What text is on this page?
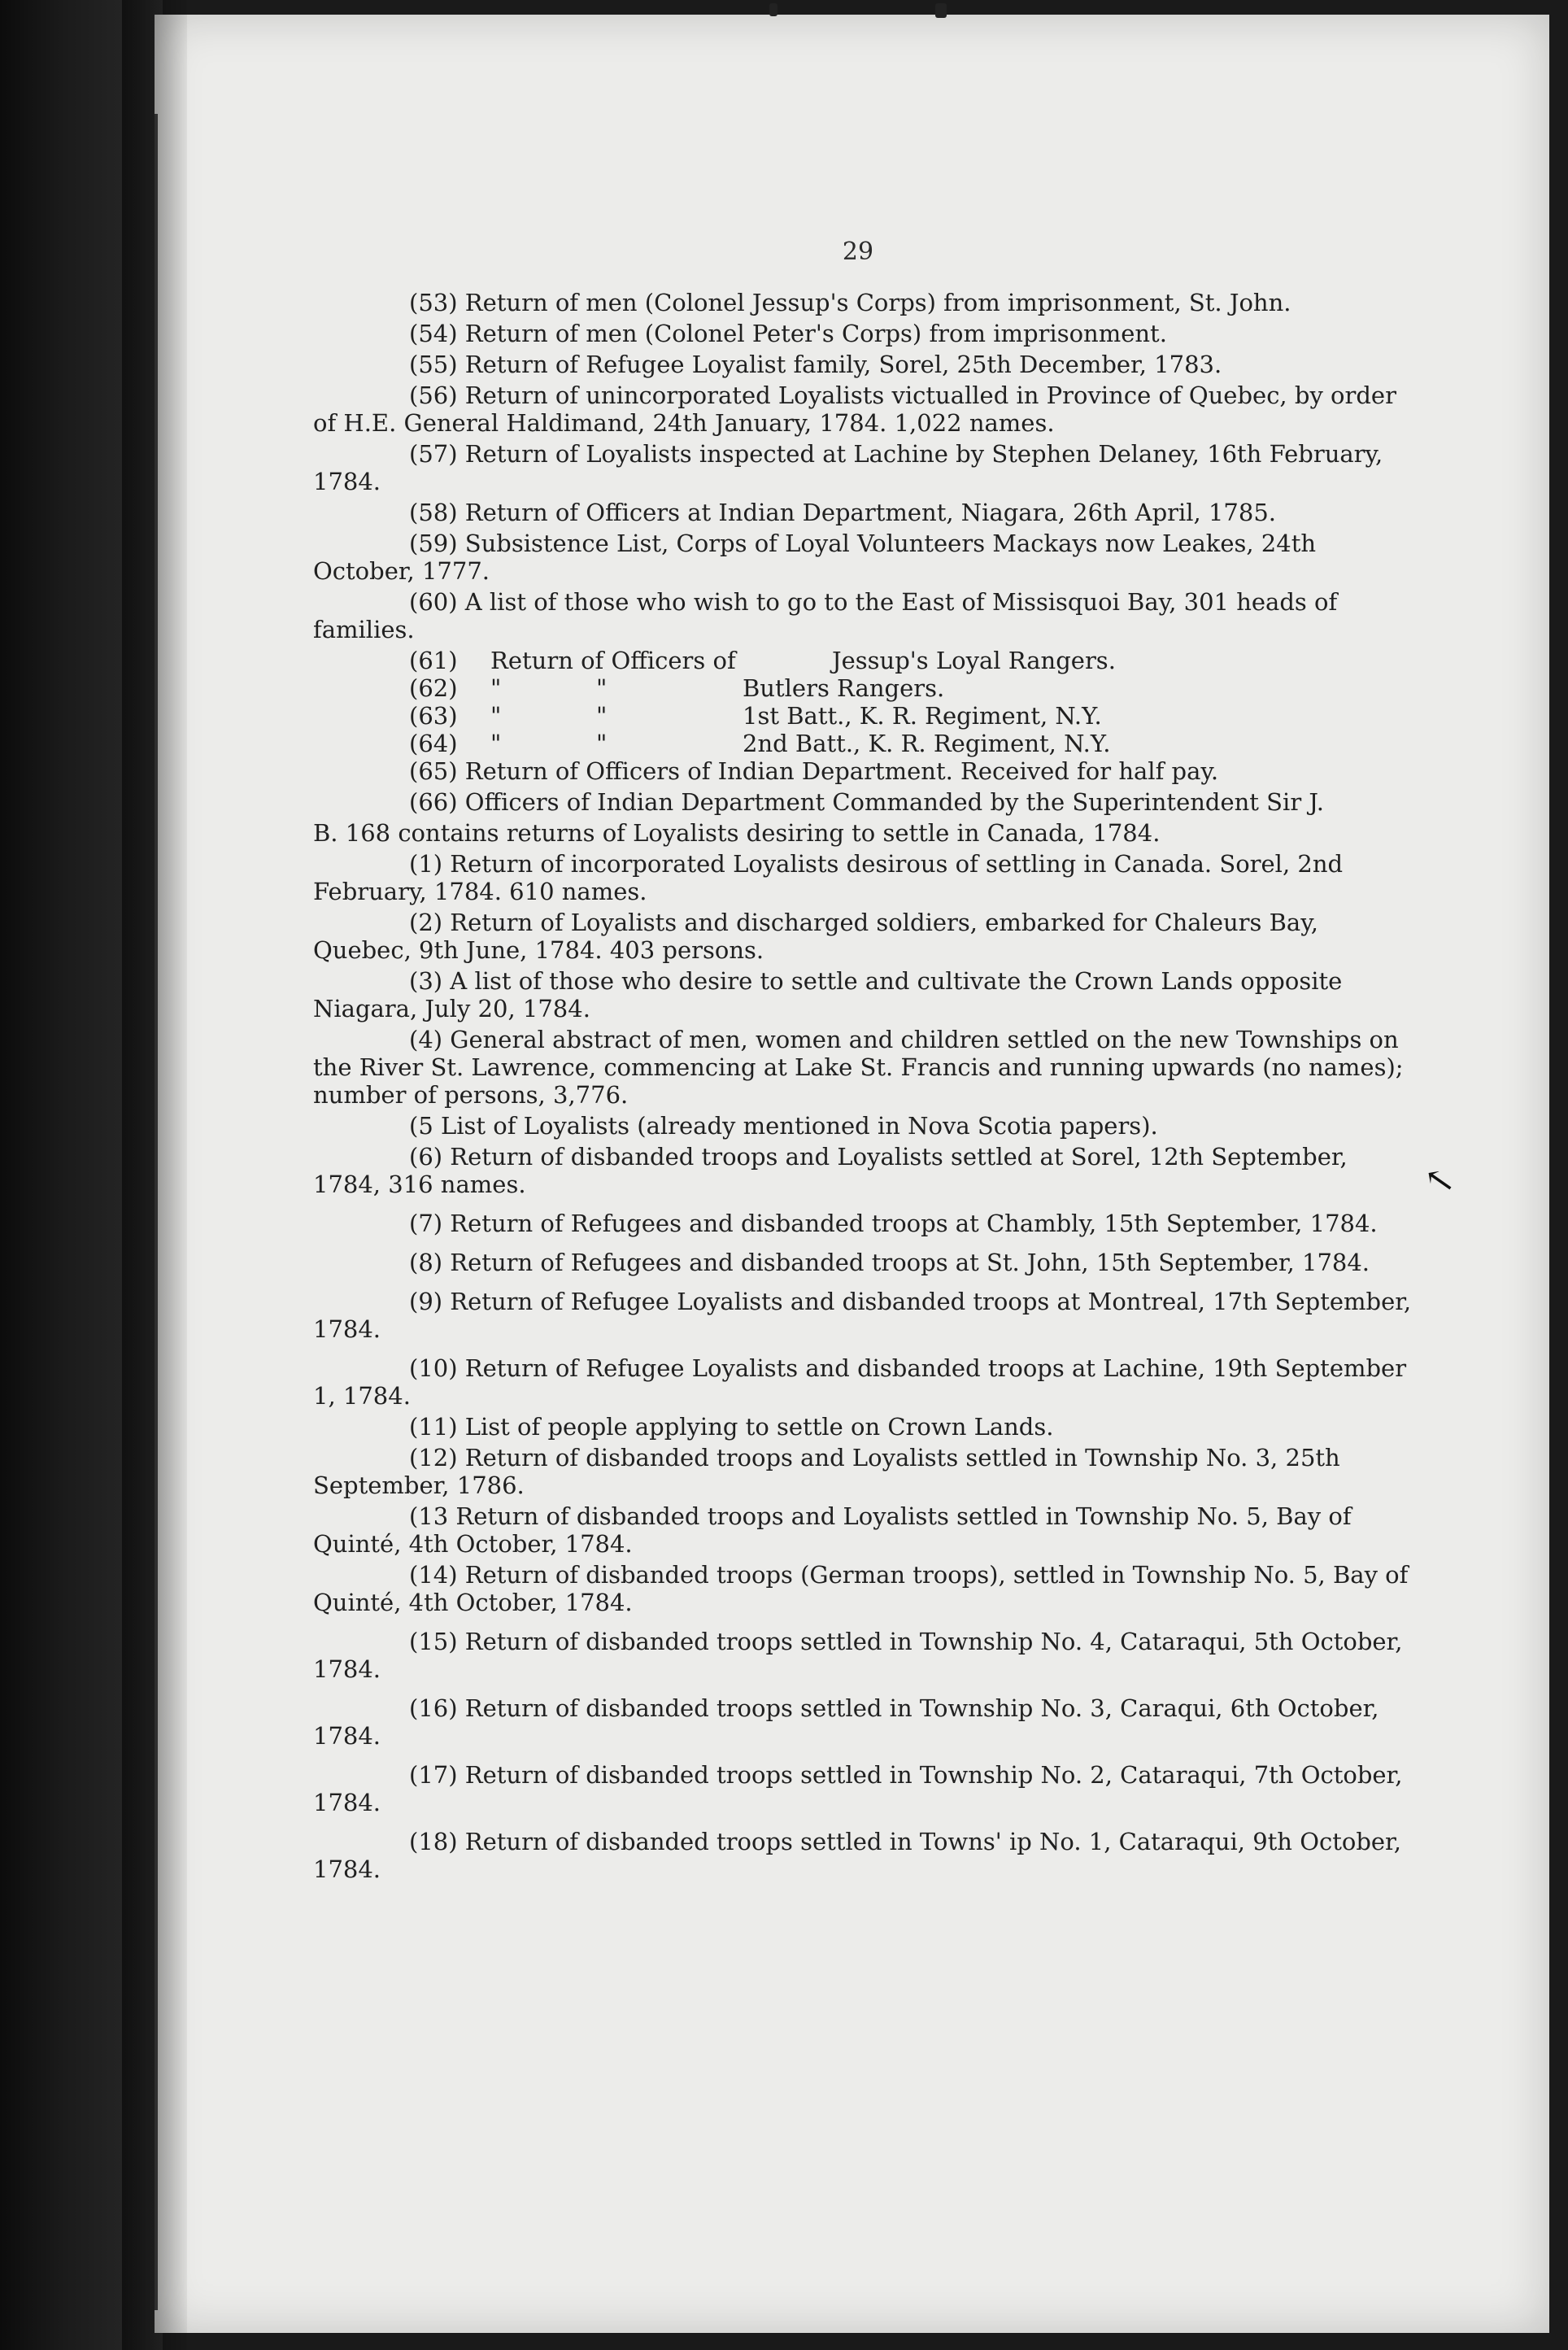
29

(53) Return of men (Colonel Jessup's Corps) from imprisonment, St. John.

(54) Return of men (Colonel Peter's Corps) from imprisonment.

(55) Return of Refugee Loyalist family, Sorel, 25th December, 1783.

(56) Return of unincorporated Loyalists victualled in Province of Quebec, by order of H.E. General Haldimand, 24th January, 1784. 1,022 names.

(57) Return of Loyalists inspected at Lachine by Stephen Delaney, 16th February, 1784.

(58) Return of Officers at Indian Department, Niagara, 26th April, 1785.

(59) Subsistence List, Corps of Loyal Volunteers Mackays now Leakes, 24th October, 1777.

(60) A list of those who wish to go to the East of Missisquoi Bay, 301 heads of families.

(61)	Return of Officers of	Jessup's Loyal Rangers.
(62)	"	"	Butlers Rangers.
(63)	"	"	1st Batt., K. R. Regiment, N.Y.
(64)	"	"	2nd Batt., K. R. Regiment, N.Y.

(65) Return of Officers of Indian Department. Received for half pay.

(66) Officers of Indian Department Commanded by the Superintendent Sir J.

B. 168 contains returns of Loyalists desiring to settle in Canada, 1784.

(1) Return of incorporated Loyalists desirous of settling in Canada. Sorel, 2nd February, 1784. 610 names.

(2) Return of Loyalists and discharged soldiers, embarked for Chaleurs Bay, Quebec, 9th June, 1784. 403 persons.

(3) A list of those who desire to settle and cultivate the Crown Lands opposite Niagara, July 20, 1784.

(4) General abstract of men, women and children settled on the new Townships on the River St. Lawrence, commencing at Lake St. Francis and running upwards (no names); number of persons, 3,776.

(5 List of Loyalists (already mentioned in Nova Scotia papers).

(6) Return of disbanded troops and Loyalists settled at Sorel, 12th September, 1784, 316 names.

(7) Return of Refugees and disbanded troops at Chambly, 15th September, 1784.

(8) Return of Refugees and disbanded troops at St. John, 15th September, 1784.

(9) Return of Refugee Loyalists and disbanded troops at Montreal, 17th September, 1784.

(10) Return of Refugee Loyalists and disbanded troops at Lachine, 19th September 1, 1784.

(11) List of people applying to settle on Crown Lands.

(12) Return of disbanded troops and Loyalists settled in Township No. 3, 25th September, 1786.

(13 Return of disbanded troops and Loyalists settled in Township No. 5, Bay of Quinté, 4th October, 1784.

(14) Return of disbanded troops (German troops), settled in Township No. 5, Bay of Quinté, 4th October, 1784.

(15) Return of disbanded troops settled in Township No. 4, Cataraqui, 5th October, 1784.

(16) Return of disbanded troops settled in Township No. 3, Caraqui, 6th October, 1784.

(17) Return of disbanded troops settled in Township No. 2, Cataraqui, 7th October, 1784.

(18) Return of disbanded troops settled in Towns' ip No. 1, Cataraqui, 9th October, 1784.

↖
